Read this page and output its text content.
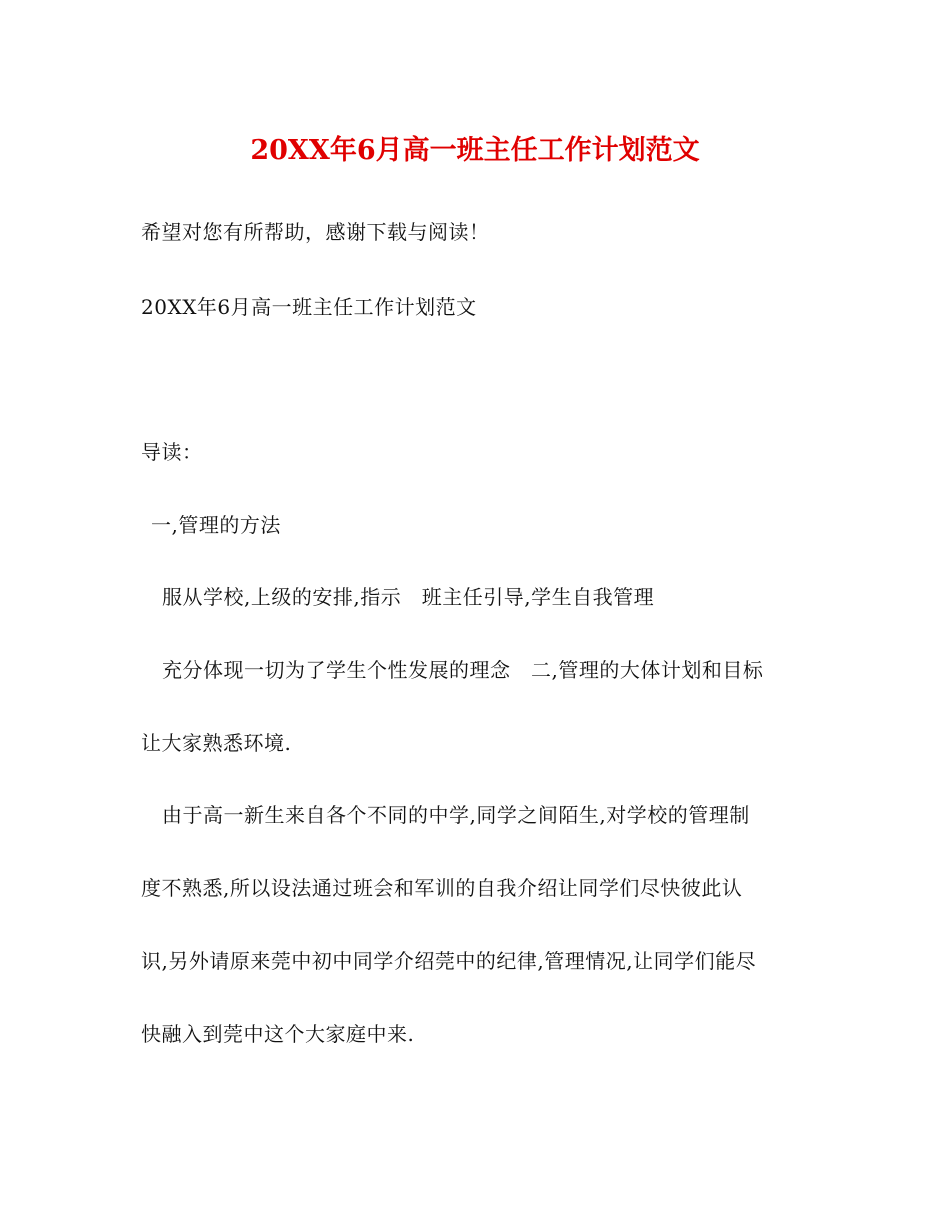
20XX年6月高一班主任工作计划范文
希望对您有所帮助，感谢下载与阅读！
20XX年6月高一班主任工作计划范文
导读：
一,管理的方法
服从学校,上级的安排,指示　班主任引导,学生自我管理
充分体现一切为了学生个性发展的理念　二,管理的大体计划和目标
让大家熟悉环境.
由于高一新生来自各个不同的中学,同学之间陌生,对学校的管理制
度不熟悉,所以设法通过班会和军训的自我介绍让同学们尽快彼此认
识,另外请原来莞中初中同学介绍莞中的纪律,管理情况,让同学们能尽
快融入到莞中这个大家庭中来.
